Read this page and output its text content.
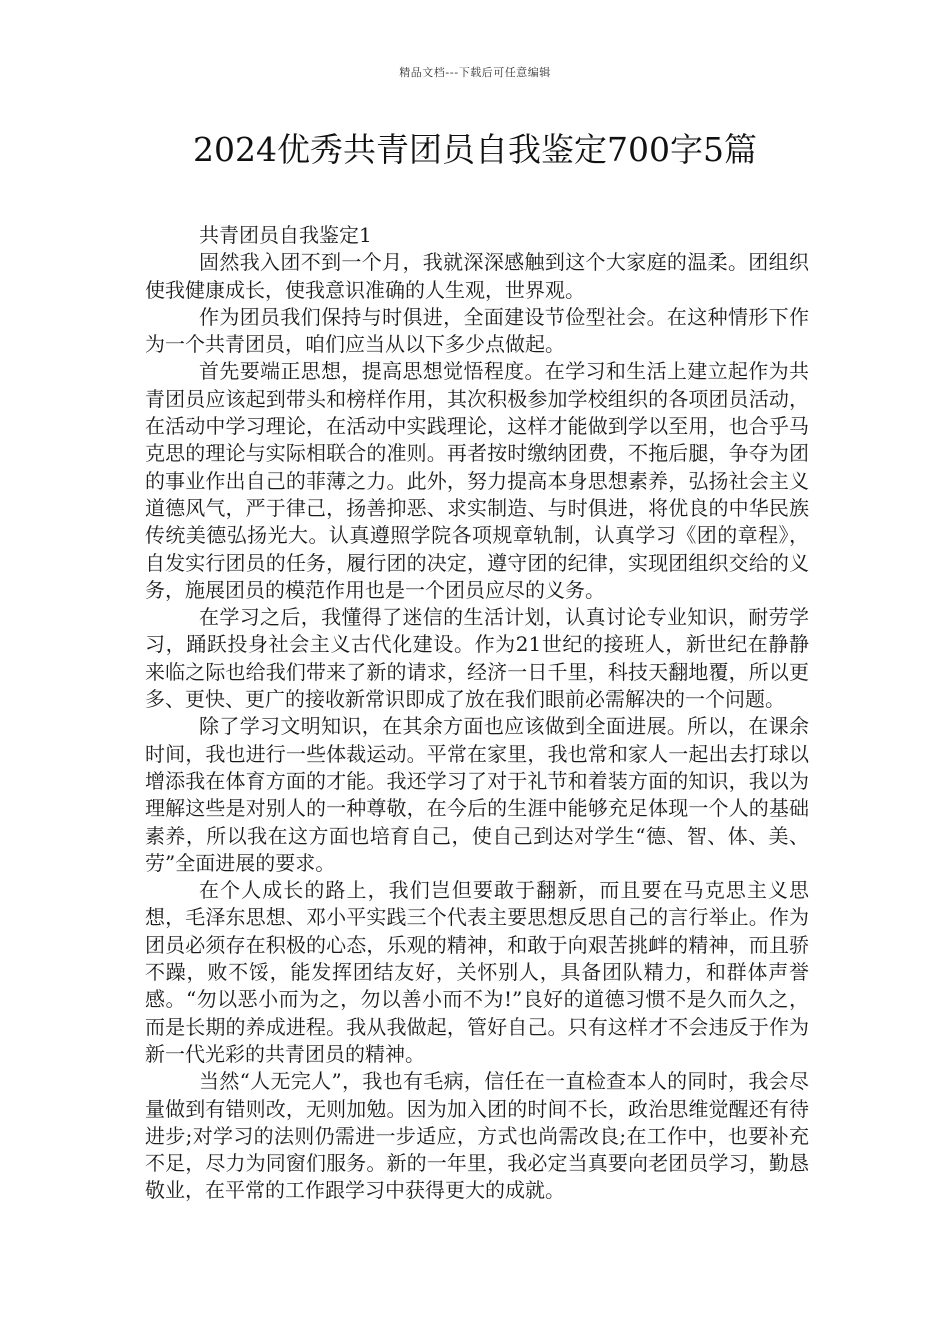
精品文档---下载后可任意编辑
2024优秀共青团员自我鉴定700字5篇

共青团员自我鉴定1

固然我入团不到一个月，我就深深感触到这个大家庭的温柔。团组织使我健康成长，使我意识准确的人生观，世界观。

作为团员我们保持与时俱进，全面建设节俭型社会。在这种情形下作为一个共青团员，咱们应当从以下多少点做起。

首先要端正思想，提高思想觉悟程度。在学习和生活上建立起作为共青团员应该起到带头和榜样作用，其次积极参加学校组织的各项团员活动，在活动中学习理论，在活动中实践理论，这样才能做到学以至用，也合乎马克思的理论与实际相联合的准则。再者按时缴纳团费，不拖后腿，争夺为团的事业作出自己的菲薄之力。此外，努力提高本身思想素养，弘扬社会主义道德风气，严于律己，扬善抑恶、求实制造、与时俱进，将优良的中华民族传统美德弘扬光大。认真遵照学院各项规章轨制，认真学习《团的章程》，自发实行团员的任务，履行团的决定，遵守团的纪律，实现团组织交给的义务，施展团员的模范作用也是一个团员应尽的义务。

在学习之后，我懂得了迷信的生活计划，认真讨论专业知识，耐劳学习，踊跃投身社会主义古代化建设。作为21世纪的接班人，新世纪在静静来临之际也给我们带来了新的请求，经济一日千里，科技天翻地覆，所以更多、更快、更广的接收新常识即成了放在我们眼前必需解决的一个问题。

除了学习文明知识，在其余方面也应该做到全面进展。所以，在课余时间，我也进行一些体裁运动。平常在家里，我也常和家人一起出去打球以增添我在体育方面的才能。我还学习了对于礼节和着装方面的知识，我以为理解这些是对别人的一种尊敬，在今后的生涯中能够充足体现一个人的基础素养，所以我在这方面也培育自己，使自己到达对学生“德、智、体、美、劳”全面进展的要求。

在个人成长的路上，我们岂但要敢于翻新，而且要在马克思主义思想，毛泽东思想、邓小平实践三个代表主要思想反思自己的言行举止。作为团员必须存在积极的心态，乐观的精神，和敢于向艰苦挑衅的精神，而且骄不躁，败不馁，能发挥团结友好，关怀别人，具备团队精力，和群体声誉感。“勿以恶小而为之，勿以善小而不为!”良好的道德习惯不是久而久之，而是长期的养成进程。我从我做起，管好自己。只有这样才不会违反于作为新一代光彩的共青团员的精神。

当然“人无完人”，我也有毛病，信任在一直检查本人的同时，我会尽量做到有错则改，无则加勉。因为加入团的时间不长，政治思维觉醒还有待进步;对学习的法则仍需进一步适应，方式也尚需改良;在工作中，也要补充不足，尽力为同窗们服务。新的一年里，我必定当真要向老团员学习，勤恳敬业，在平常的工作跟学习中获得更大的成就。
